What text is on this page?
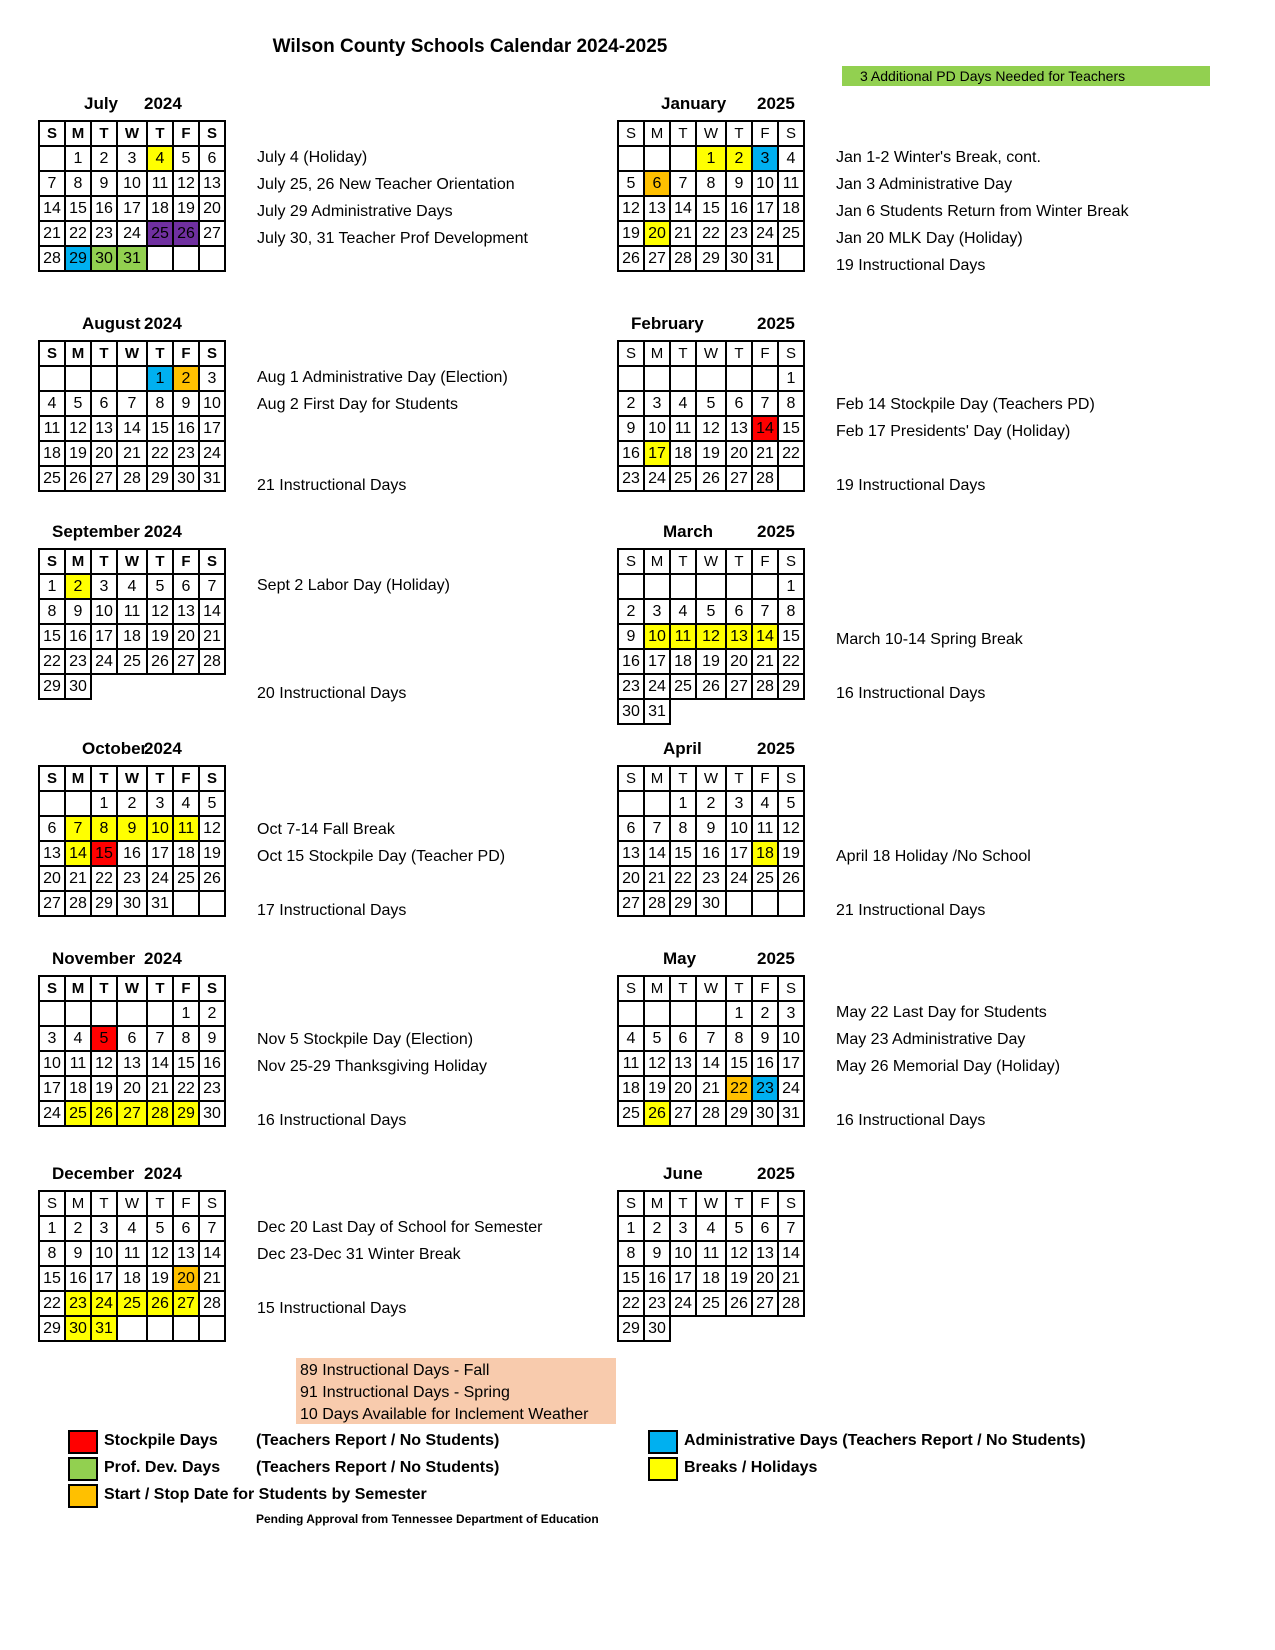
Wilson County Schools Calendar 2024-2025
3 Additional PD Days Needed for Teachers
July 2024
S	M	T	W	T	F	S
	1	2	3	4	5	6
7	8	9	10	11	12	13
14	15	16	17	18	19	20
21	22	23	24	25	26	27
28	29	30	31			
July 4 (Holiday)
July 25, 26 New Teacher Orientation
July 29 Administrative Days
July 30, 31 Teacher Prof Development
August 2024
S	M	T	W	T	F	S
				1	2	3
4	5	6	7	8	9	10
11	12	13	14	15	16	17
18	19	20	21	22	23	24
25	26	27	28	29	30	31
Aug 1 Administrative Day (Election)
Aug 2 First Day for Students
21 Instructional Days
September 2024
S	M	T	W	T	F	S
1	2	3	4	5	6	7
8	9	10	11	12	13	14
15	16	17	18	19	20	21
22	23	24	25	26	27	28
29	30					
Sept 2 Labor Day (Holiday)
20 Instructional Days
October
2024
S	M	T	W	T	F	S
		1	2	3	4	5
6	7	8	9	10	11	12
13	14	15	16	17	18	19
20	21	22	23	24	25	26
27	28	29	30	31		
Oct 7-14 Fall Break
Oct 15 Stockpile Day (Teacher PD)
17 Instructional Days
November 2024
S	M	T	W	T	F	S
					1	2
3	4	5	6	7	8	9
10	11	12	13	14	15	16
17	18	19	20	21	22	23
24	25	26	27	28	29	30
Nov 5 Stockpile Day (Election)
Nov 25-29 Thanksgiving Holiday
16 Instructional Days
December 2024
S	M	T	W	T	F	S
1	2	3	4	5	6	7
8	9	10	11	12	13	14
15	16	17	18	19	20	21
22	23	24	25	26	27	28
29	30	31				
Dec 20 Last Day of School for Semester
Dec 23-Dec 31 Winter Break
15 Instructional Days
January 2025
S	M	T	W	T	F	S
			1	2	3	4
5	6	7	8	9	10	11
12	13	14	15	16	17	18
19	20	21	22	23	24	25
26	27	28	29	30	31	
Jan 1-2 Winter's Break, cont.
Jan 3 Administrative Day
Jan 6 Students Return from Winter Break
Jan 20 MLK Day (Holiday)
19 Instructional Days
February	2025
S	M	T	W	T	F	S
						1
2	3	4	5	6	7	8
9	10	11	12	13	14	15
16	17	18	19	20	21	22
23	24	25	26	27	28	
Feb 14 Stockpile Day (Teachers PD)
Feb 17 Presidents' Day (Holiday)
19 Instructional Days
March	2025
S	M	T	W	T	F	S
						1
2	3	4	5	6	7	8
9	10	11	12	13	14	15
16	17	18	19	20	21	22
23	24	25	26	27	28	29
30	31					
March 10-14 Spring Break
16 Instructional Days
April	2025
S	M	T	W	T	F	S
		1	2	3	4	5
6	7	8	9	10	11	12
13	14	15	16	17	18	19
20	21	22	23	24	25	26
27	28	29	30			
April 18 Holiday /No School
21 Instructional Days
May	2025
S	M	T	W	T	F	S
				1	2	3
4	5	6	7	8	9	10
11	12	13	14	15	16	17
18	19	20	21	22	23	24
25	26	27	28	29	30	31
May 22 Last Day for Students
May 23 Administrative Day
May 26 Memorial Day (Holiday)
16 Instructional Days
June	2025
S	M	T	W	T	F	S
1	2	3	4	5	6	7
8	9	10	11	12	13	14
15	16	17	18	19	20	21
22	23	24	25	26	27	28
29	30					
89 Instructional Days - Fall
91 Instructional Days - Spring
10 Days Available for Inclement Weather
Stockpile Days (Teachers Report / No Students)
Prof. Dev. Days (Teachers Report / No Students)
Start / Stop Date for Students by Semester
Administrative Days (Teachers Report / No Students)
Breaks / Holidays
Pending Approval from Tennessee Department of Education
